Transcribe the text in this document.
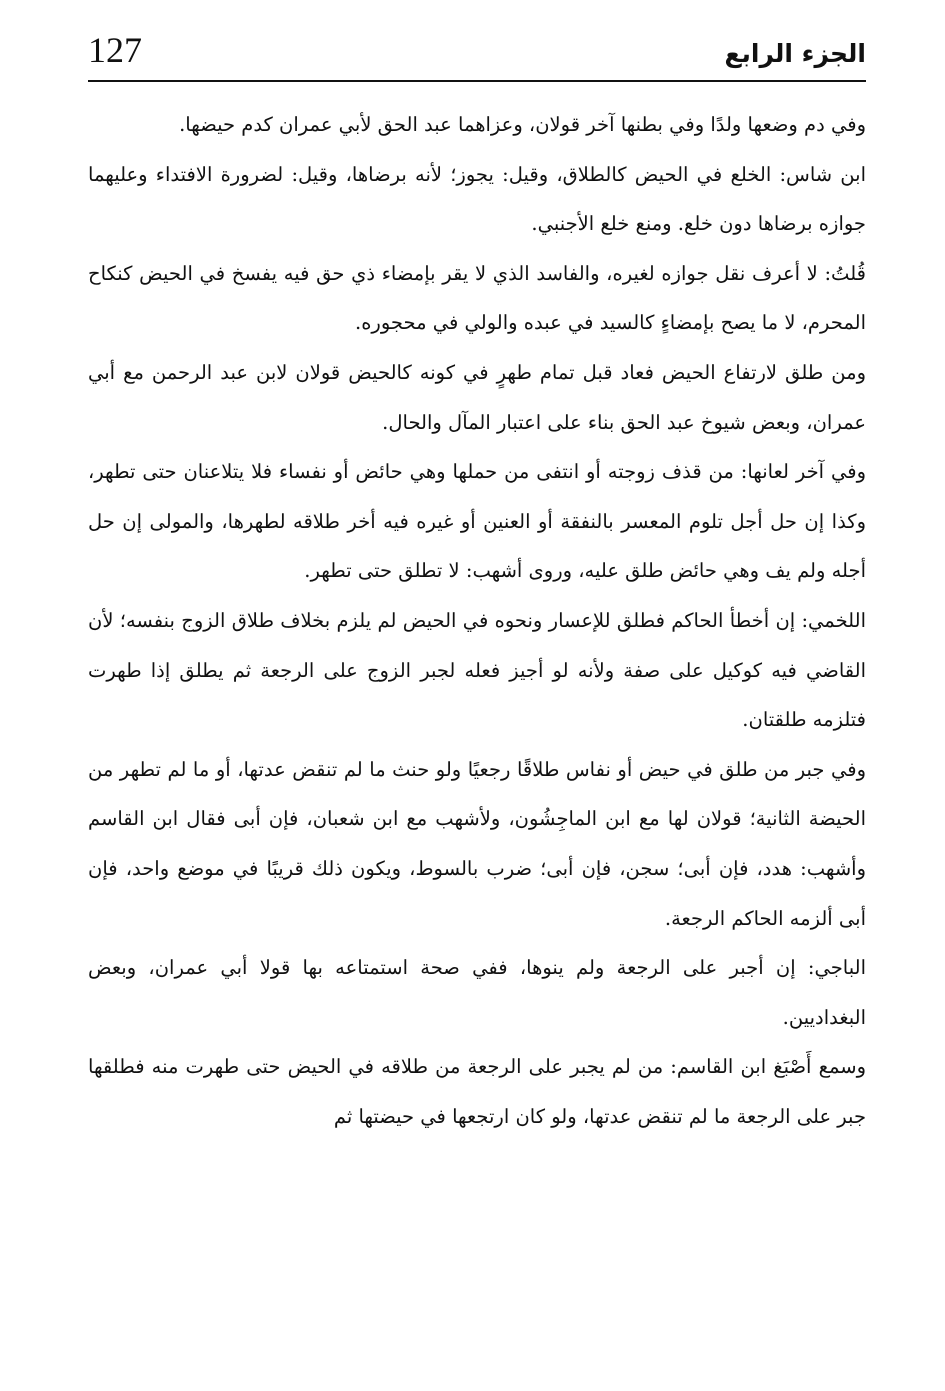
127	الجزء الرابع

وفي دم وضعها ولدًا وفي بطنها آخر قولان، وعزاهما عبد الحق لأبي عمران كدم حيضها.

ابن شاس: الخلع في الحيض كالطلاق، وقيل: يجوز؛ لأنه برضاها، وقيل: لضرورة الافتداء وعليهما جوازه برضاها دون خلع. ومنع خلع الأجنبي.

قُلتُ: لا أعرف نقل جوازه لغيره، والفاسد الذي لا يقر بإمضاء ذي حق فيه يفسخ في الحيض كنكاح المحرم، لا ما يصح بإمضاءٍ كالسيد في عبده والولي في محجوره.

ومن طلق لارتفاع الحيض فعاد قبل تمام طهرٍ في كونه كالحيض قولان لابن عبد الرحمن مع أبي عمران، وبعض شيوخ عبد الحق بناء على اعتبار المآل والحال.

وفي آخر لعانها: من قذف زوجته أو انتفى من حملها وهي حائض أو نفساء فلا يتلاعنان حتى تطهر، وكذا إن حل أجل تلوم المعسر بالنفقة أو العنين أو غيره فيه أخر طلاقه لطهرها، والمولى إن حل أجله ولم يف وهي حائض طلق عليه، وروى أشهب: لا تطلق حتى تطهر.

اللخمي: إن أخطأ الحاكم فطلق للإعسار ونحوه في الحيض لم يلزم بخلاف طلاق الزوج بنفسه؛ لأن القاضي فيه كوكيل على صفة ولأنه لو أجيز فعله لجبر الزوج على الرجعة ثم يطلق إذا طهرت فتلزمه طلقتان.

وفي جبر من طلق في حيض أو نفاس طلاقًا رجعيًا ولو حنث ما لم تنقض عدتها، أو ما لم تطهر من الحيضة الثانية؛ قولان لها مع ابن الماجِشُون، ولأشهب مع ابن شعبان، فإن أبى فقال ابن القاسم وأشهب: هدد، فإن أبى؛ سجن، فإن أبى؛ ضرب بالسوط، ويكون ذلك قريبًا في موضع واحد، فإن أبى ألزمه الحاكم الرجعة.

الباجي: إن أجبر على الرجعة ولم ينوها، ففي صحة استمتاعه بها قولا أبي عمران، وبعض البغداديين.

وسمع أَصْبَغ ابن القاسم: من لم يجبر على الرجعة من طلاقه في الحيض حتى طهرت منه فطلقها جبر على الرجعة ما لم تنقض عدتها، ولو كان ارتجعها في حيضتها ثم
